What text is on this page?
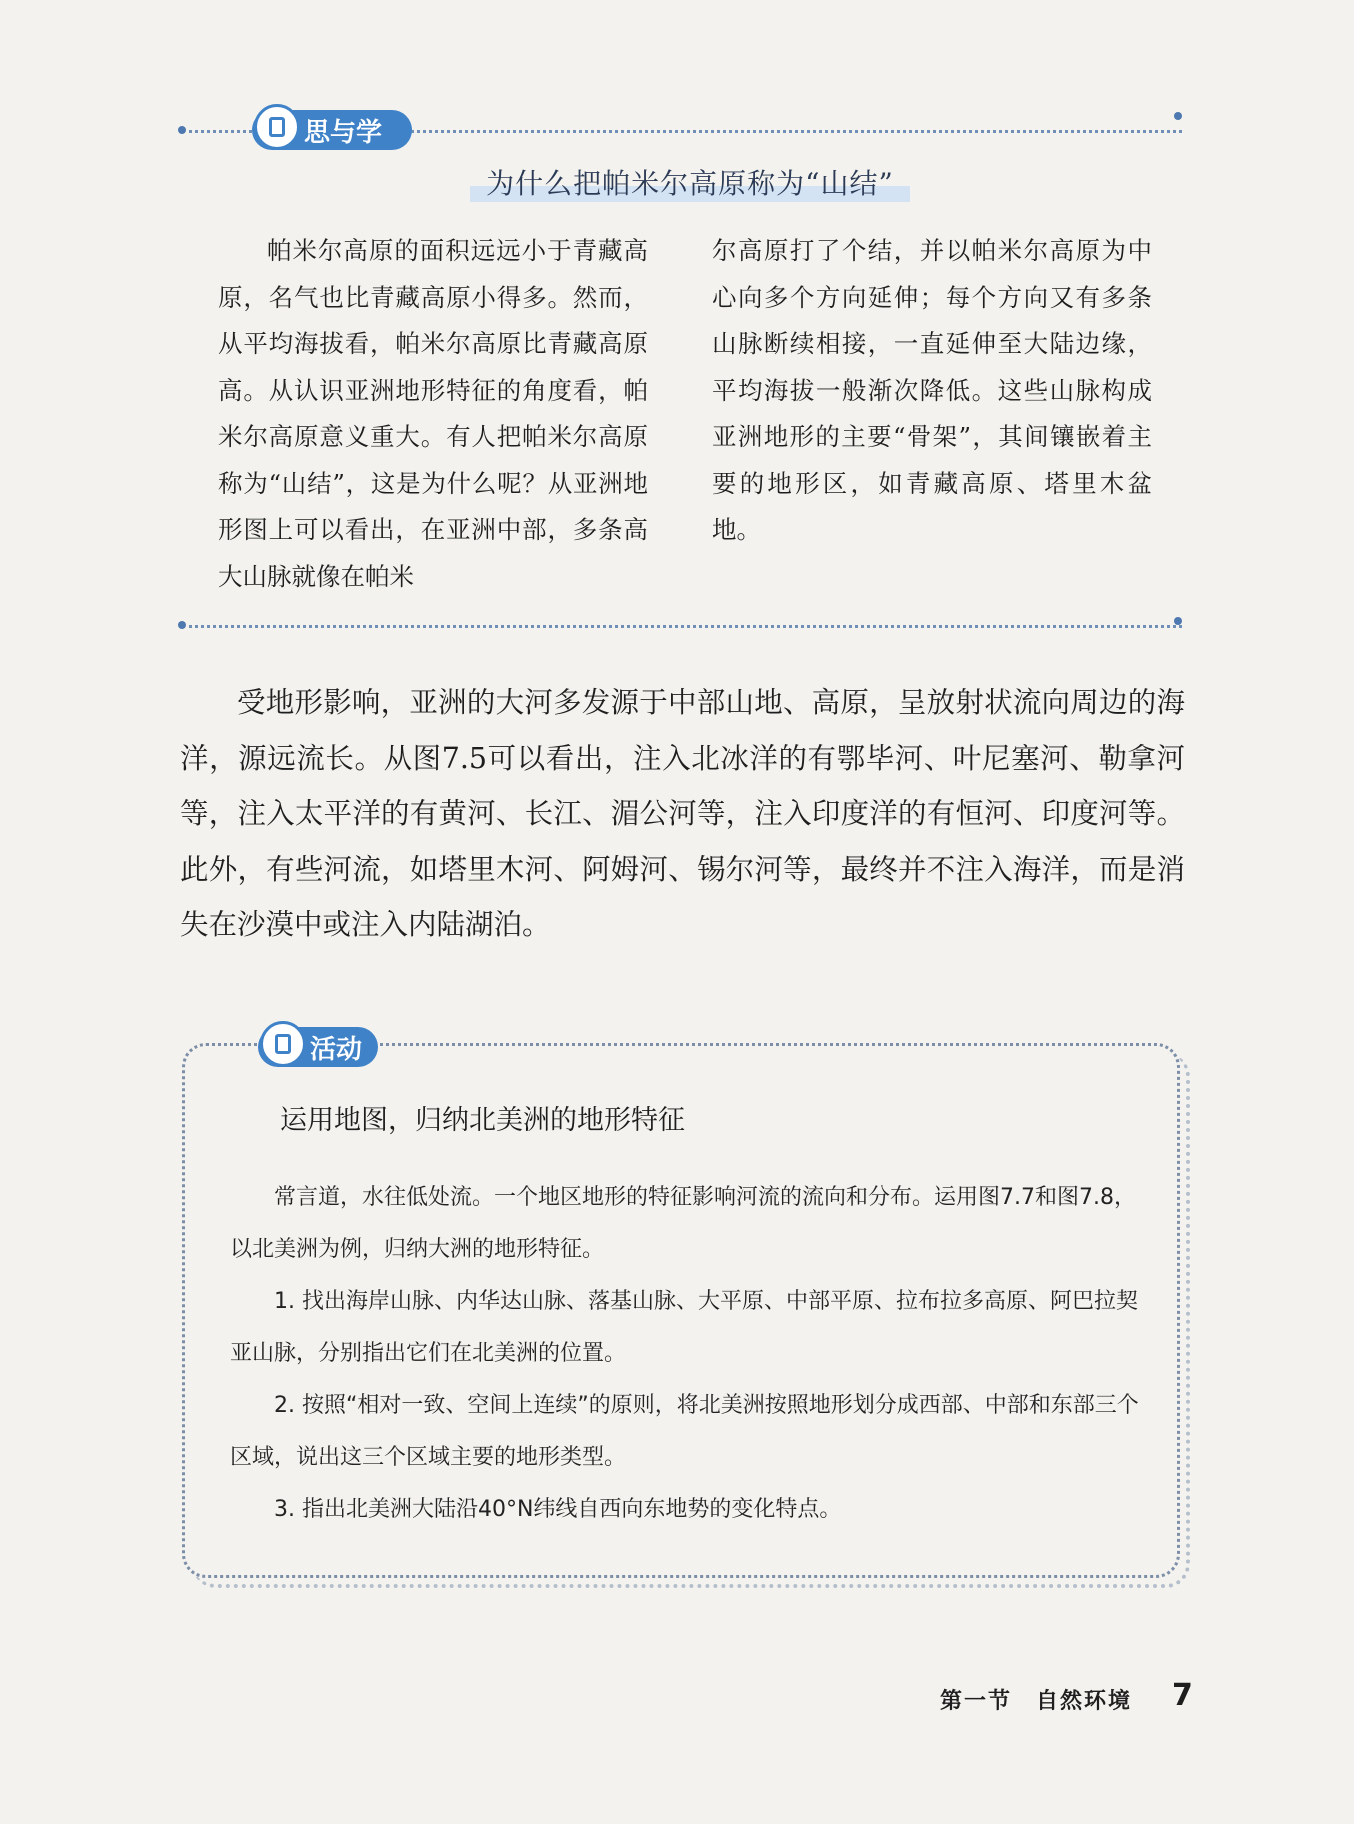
思与学
为什么把帕米尔高原称为“山结”
帕米尔高原的面积远远小于青藏高原，名气也比青藏高原小得多。然而，从平均海拔看，帕米尔高原比青藏高原高。从认识亚洲地形特征的角度看，帕米尔高原意义重大。有人把帕米尔高原称为“山结”，这是为什么呢？从亚洲地形图上可以看出，在亚洲中部，多条高大山脉就像在帕米
尔高原打了个结，并以帕米尔高原为中心向多个方向延伸；每个方向又有多条山脉断续相接，一直延伸至大陆边缘，平均海拔一般渐次降低。这些山脉构成亚洲地形的主要“骨架”，其间镶嵌着主要的地形区，如青藏高原、塔里木盆地。
受地形影响，亚洲的大河多发源于中部山地、高原，呈放射状流向周边的海洋，源远流长。从图7.5可以看出，注入北冰洋的有鄂毕河、叶尼塞河、勒拿河等，注入太平洋的有黄河、长江、湄公河等，注入印度洋的有恒河、印度河等。此外，有些河流，如塔里木河、阿姆河、锡尔河等，最终并不注入海洋，而是消失在沙漠中或注入内陆湖泊。
活动
运用地图，归纳北美洲的地形特征

常言道，水往低处流。一个地区地形的特征影响河流的流向和分布。运用图7.7和图7.8，以北美洲为例，归纳大洲的地形特征。

1. 找出海岸山脉、内华达山脉、落基山脉、大平原、中部平原、拉布拉多高原、阿巴拉契亚山脉，分别指出它们在北美洲的位置。

2. 按照“相对一致、空间上连续”的原则，将北美洲按照地形划分成西部、中部和东部三个区域，说出这三个区域主要的地形类型。

3. 指出北美洲大陆沿40°N纬线自西向东地势的变化特点。

第一节　自然环境 7
